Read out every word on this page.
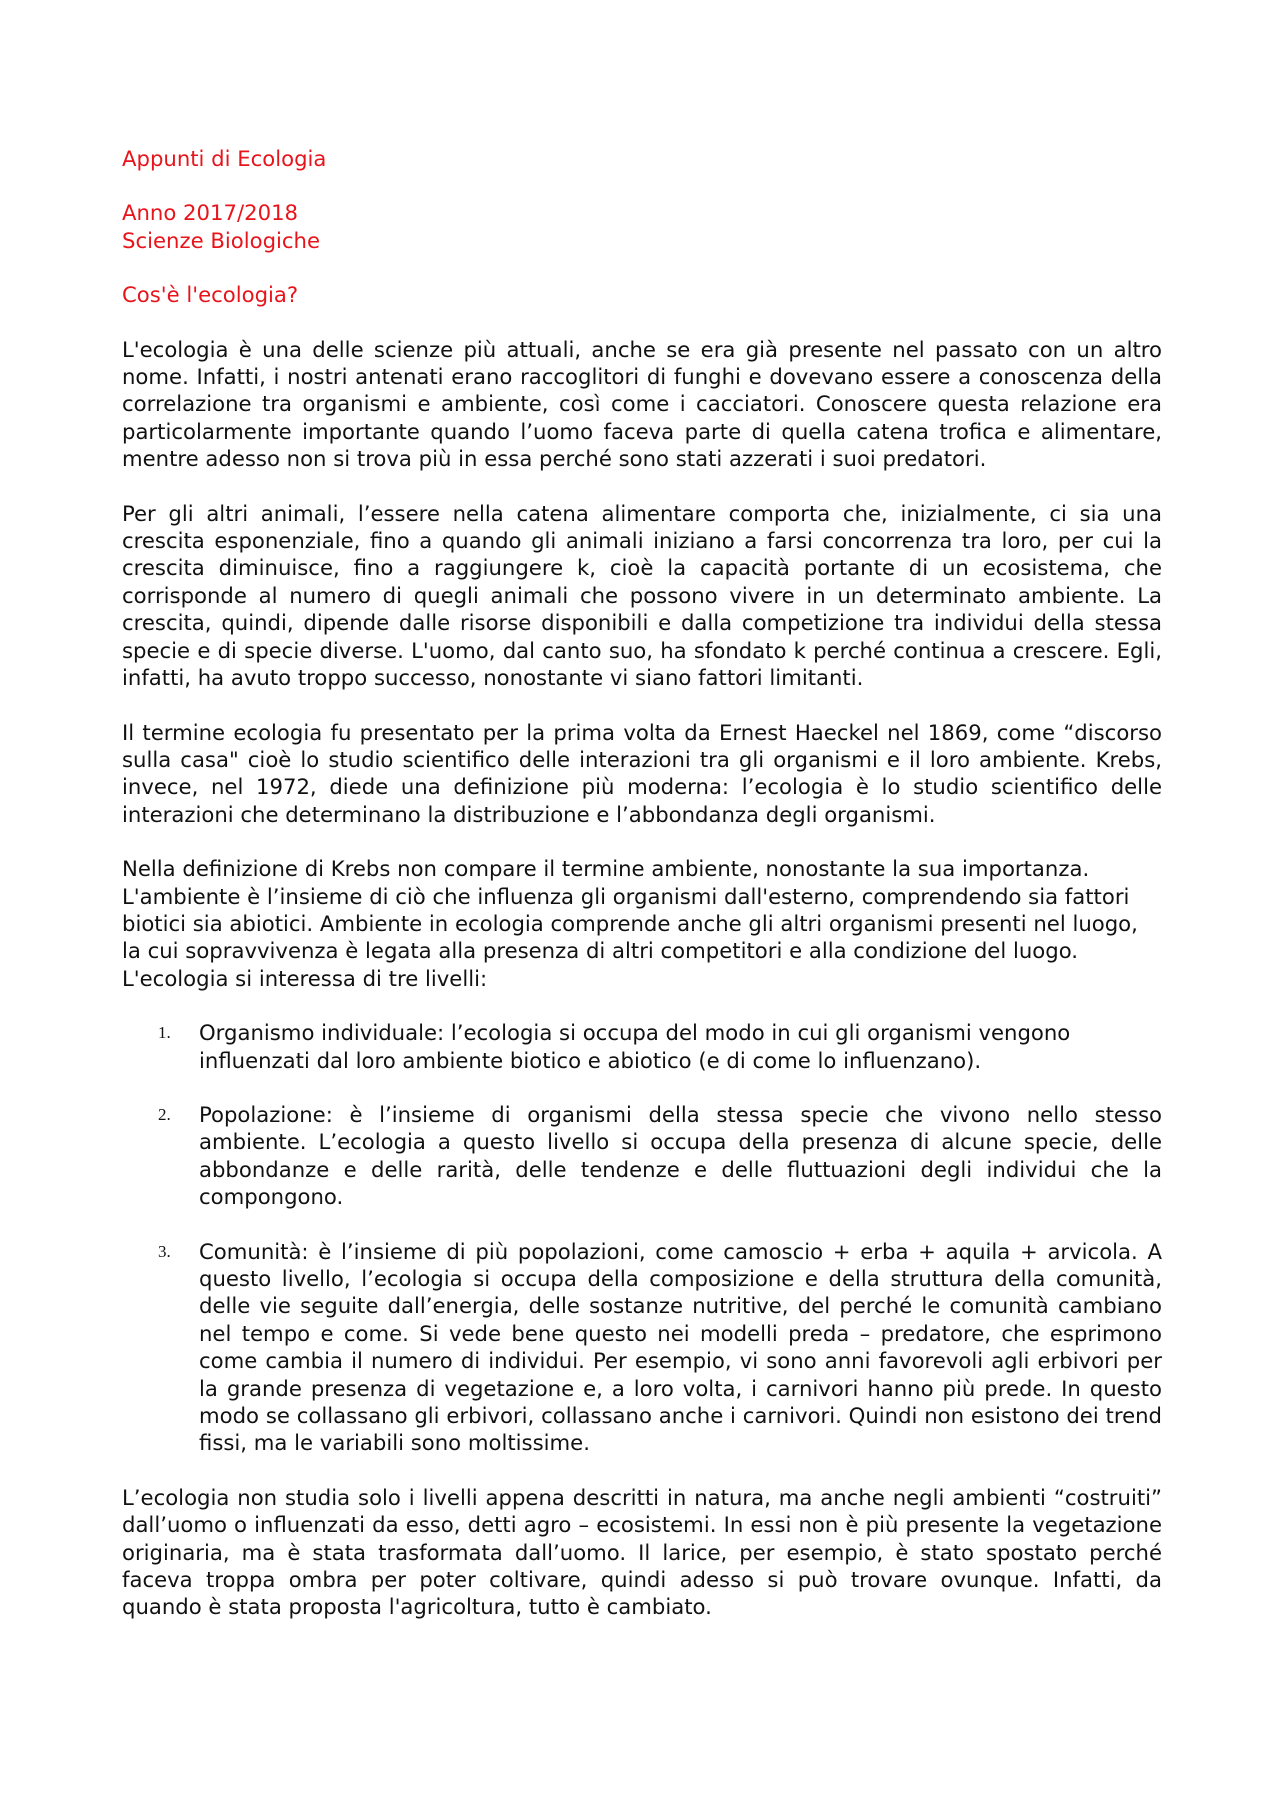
Appunti di Ecologia
Anno 2017/2018
Scienze Biologiche
Cos'è l'ecologia?

L'ecologia è una delle scienze più attuali, anche se era già presente nel passato con un altro nome. Infatti, i nostri antenati erano raccoglitori di funghi e dovevano essere a conoscenza della correlazione tra organismi e ambiente, così come i cacciatori. Conoscere questa relazione era particolarmente importante quando l’uomo faceva parte di quella catena trofica e alimentare, mentre adesso non si trova più in essa perché sono stati azzerati i suoi predatori.

Per gli altri animali, l’essere nella catena alimentare comporta che, inizialmente, ci sia una crescita esponenziale, fino a quando gli animali iniziano a farsi concorrenza tra loro, per cui la crescita diminuisce, fino a raggiungere k, cioè la capacità portante di un ecosistema, che corrisponde al numero di quegli animali che possono vivere in un determinato ambiente. La crescita, quindi, dipende dalle risorse disponibili e dalla competizione tra individui della stessa specie e di specie diverse. L'uomo, dal canto suo, ha sfondato k perché continua a crescere. Egli, infatti, ha avuto troppo successo, nonostante vi siano fattori limitanti.

Il termine ecologia fu presentato per la prima volta da Ernest Haeckel nel 1869, come “discorso sulla casa" cioè lo studio scientifico delle interazioni tra gli organismi e il loro ambiente. Krebs, invece, nel 1972, diede una definizione più moderna: l’ecologia è lo studio scientifico delle interazioni che determinano la distribuzione e l’abbondanza degli organismi.

Nella definizione di Krebs non compare il termine ambiente, nonostante la sua importanza. L'ambiente è l’insieme di ciò che influenza gli organismi dall'esterno, comprendendo sia fattori biotici sia abiotici. Ambiente in ecologia comprende anche gli altri organismi presenti nel luogo, la cui sopravvivenza è legata alla presenza di altri competitori e alla condizione del luogo. L'ecologia si interessa di tre livelli:

1.	Organismo individuale: l’ecologia si occupa del modo in cui gli organismi vengono influenzati dal loro ambiente biotico e abiotico (e di come lo influenzano).
2.	Popolazione: è l’insieme di organismi della stessa specie che vivono nello stesso ambiente. L’ecologia a questo livello si occupa della presenza di alcune specie, delle abbondanze e delle rarità, delle tendenze e delle fluttuazioni degli individui che la compongono.
3.	Comunità: è l’insieme di più popolazioni, come camoscio + erba + aquila + arvicola. A questo livello, l’ecologia si occupa della composizione e della struttura della comunità, delle vie seguite dall’energia, delle sostanze nutritive, del perché le comunità cambiano nel tempo e come. Si vede bene questo nei modelli preda – predatore, che esprimono come cambia il numero di individui. Per esempio, vi sono anni favorevoli agli erbivori per la grande presenza di vegetazione e, a loro volta, i carnivori hanno più prede. In questo modo se collassano gli erbivori, collassano anche i carnivori. Quindi non esistono dei trend fissi, ma le variabili sono moltissime.

L’ecologia non studia solo i livelli appena descritti in natura, ma anche negli ambienti “costruiti” dall’uomo o influenzati da esso, detti agro – ecosistemi. In essi non è più presente la vegetazione originaria, ma è stata trasformata dall’uomo. Il larice, per esempio, è stato spostato perché faceva troppa ombra per poter coltivare, quindi adesso si può trovare ovunque. Infatti, da quando è stata proposta l'agricoltura, tutto è cambiato.
